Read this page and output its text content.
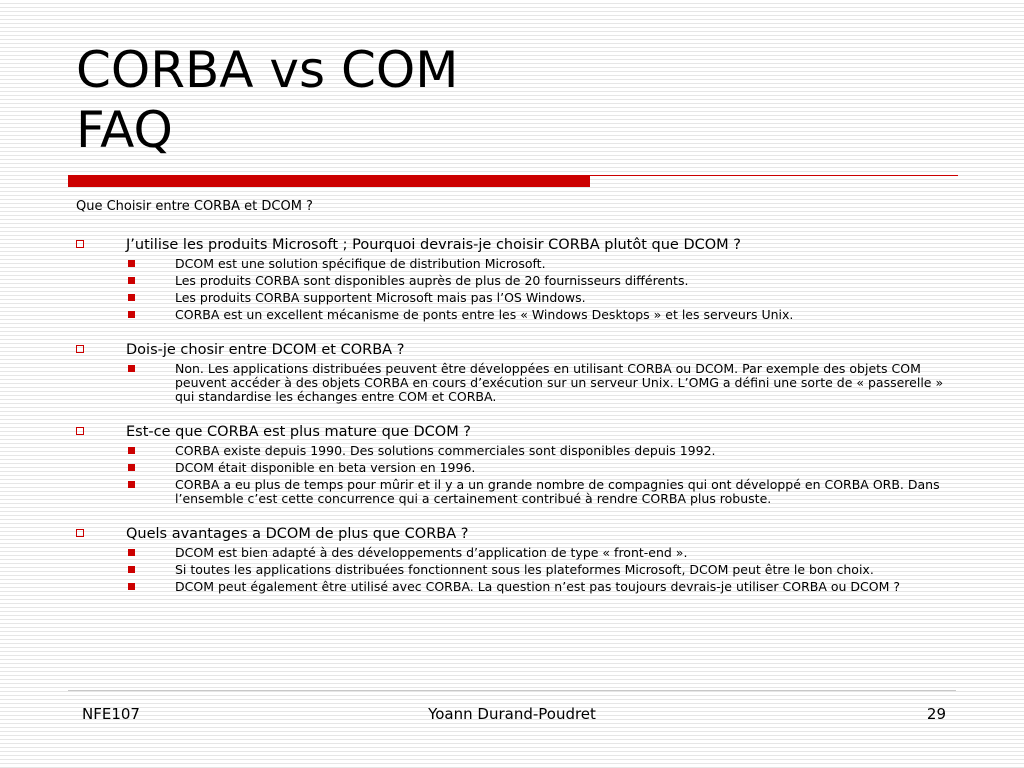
CORBA vs COM
FAQ
Que Choisir entre CORBA et DCOM ?
J’utilise les produits Microsoft ; Pourquoi devrais-je choisir CORBA plutôt que DCOM ?
DCOM est une solution spécifique de distribution Microsoft.
Les produits CORBA sont disponibles auprès de plus de 20 fournisseurs différents.
Les produits CORBA supportent Microsoft mais pas l’OS Windows.
CORBA est un excellent mécanisme de ponts entre les « Windows Desktops » et les serveurs Unix.
Dois-je chosir entre DCOM et CORBA ?
Non. Les applications distribuées peuvent être développées en utilisant CORBA ou DCOM. Par exemple des objets COM peuvent accéder à des objets CORBA en cours d’exécution sur un serveur Unix. L’OMG a défini une sorte de « passerelle » qui standardise les échanges entre COM et CORBA.
Est-ce que CORBA est plus mature que DCOM ?
CORBA existe depuis 1990. Des solutions commerciales sont disponibles depuis 1992.
DCOM était disponible en beta version en 1996.
CORBA a eu plus de temps pour mûrir et il y a un grande nombre de compagnies qui ont développé en CORBA ORB. Dans l’ensemble c’est cette concurrence qui a certainement contribué à rendre CORBA plus robuste.
Quels avantages a DCOM de plus que CORBA ?
DCOM est bien adapté à des développements d’application de type « front-end ».
Si toutes les applications distribuées fonctionnent sous les plateformes Microsoft, DCOM peut être le bon choix.
DCOM peut également être utilisé avec CORBA. La question n’est pas toujours devrais-je utiliser CORBA ou DCOM ?
NFE107	Yoann Durand-Poudret	29
